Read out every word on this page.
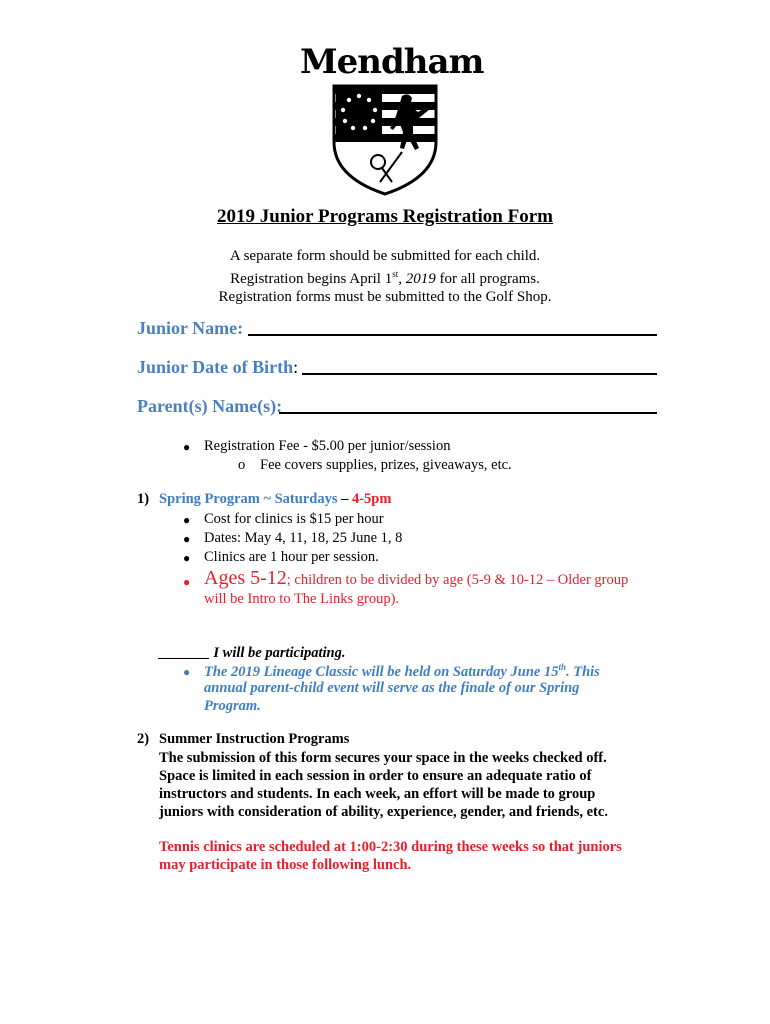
Mendham
2019 Junior Programs Registration Form
A separate form should be submitted for each child.
Registration begins April 1st, 2019 for all programs.
Registration forms must be submitted to the Golf Shop.
Junior Name:
Junior Date of Birth:
Parent(s) Name(s):
● Registration Fee - $5.00 per junior/session
o Fee covers supplies, prizes, giveaways, etc.
1) Spring Program ~ Saturdays – 4-5pm
● Cost for clinics is $15 per hour
● Dates: May 4, 11, 18, 25 June 1, 8
● Clinics are 1 hour per session.
● Ages 5-12; children to be divided by age (5-9 & 10-12 – Older group
will be Intro to The Links group).
_______ I will be participating.
● The 2019 Lineage Classic will be held on Saturday June 15th. This
annual parent-child event will serve as the finale of our Spring
Program.
2) Summer Instruction Programs
The submission of this form secures your space in the weeks checked off.
Space is limited in each session in order to ensure an adequate ratio of
instructors and students. In each week, an effort will be made to group
juniors with consideration of ability, experience, gender, and friends, etc.
Tennis clinics are scheduled at 1:00-2:30 during these weeks so that juniors
may participate in those following lunch.
